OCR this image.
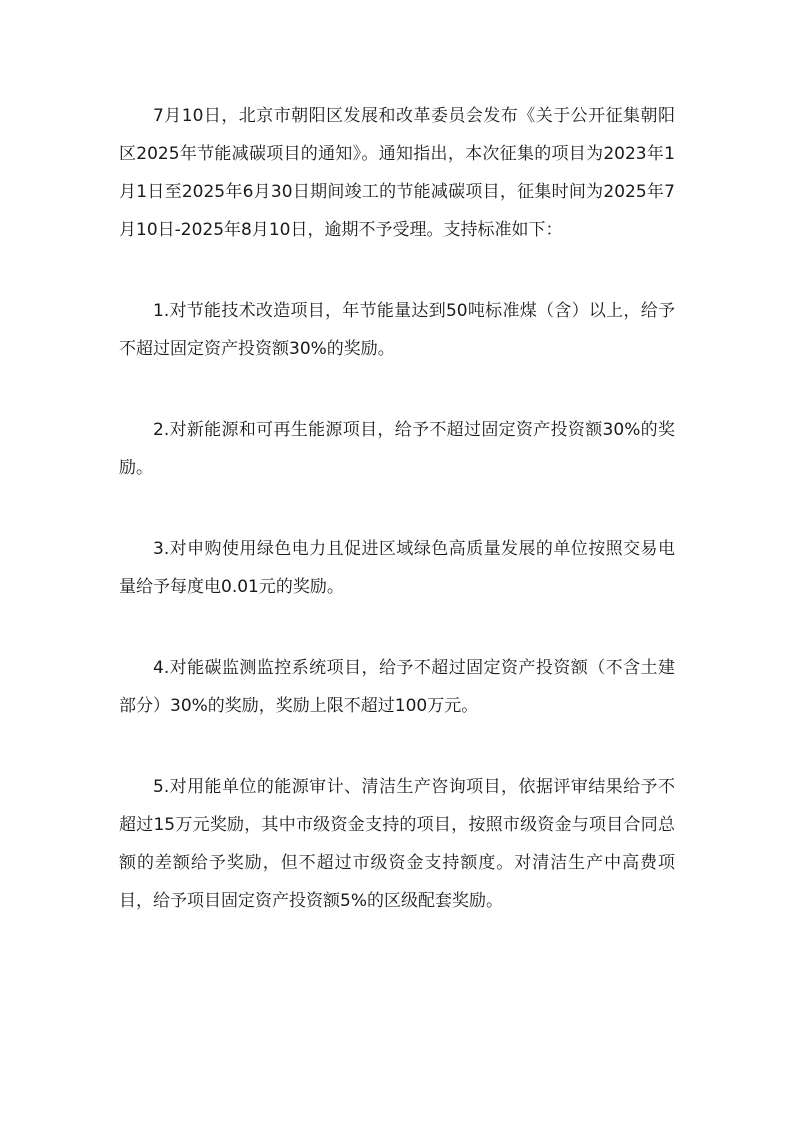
7月10日，北京市朝阳区发展和改革委员会发布《关于公开征集朝阳区2025年节能减碳项目的通知》。通知指出，本次征集的项目为2023年1月1日至2025年6月30日期间竣工的节能减碳项目，征集时间为2025年7月10日-2025年8月10日，逾期不予受理。支持标准如下：

1.对节能技术改造项目，年节能量达到50吨标准煤（含）以上，给予不超过固定资产投资额30%的奖励。

2.对新能源和可再生能源项目，给予不超过固定资产投资额30%的奖励。

3.对申购使用绿色电力且促进区域绿色高质量发展的单位按照交易电量给予每度电0.01元的奖励。

4.对能碳监测监控系统项目，给予不超过固定资产投资额（不含土建部分）30%的奖励，奖励上限不超过100万元。

5.对用能单位的能源审计、清洁生产咨询项目，依据评审结果给予不超过15万元奖励，其中市级资金支持的项目，按照市级资金与项目合同总额的差额给予奖励，但不超过市级资金支持额度。对清洁生产中高费项目，给予项目固定资产投资额5%的区级配套奖励。
